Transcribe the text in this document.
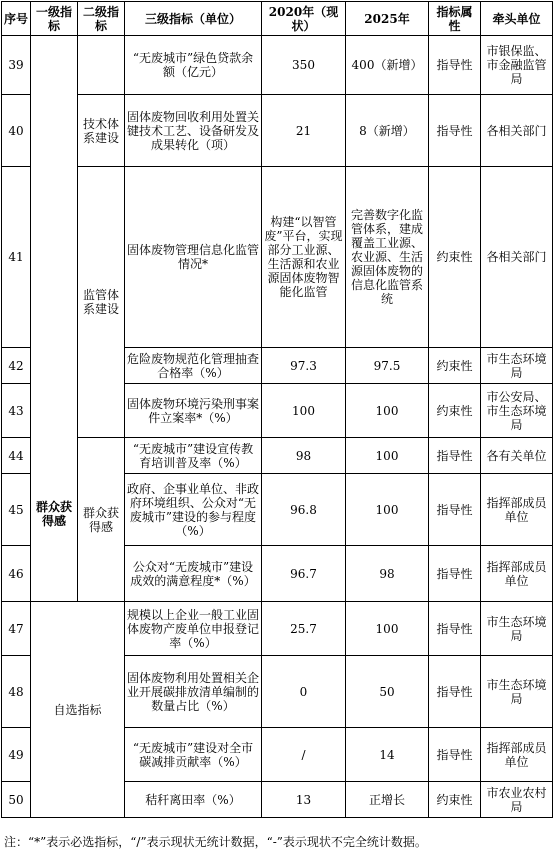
序号	一级指标	二级指标	三级指标（单位）	2020年（现状）	2025年	指标属性	牵头单位
39			“无废城市”绿色贷款余额（亿元）	350	400（新增）	指导性	市银保监、市金融监管局
40		技术体系建设	固体废物回收利用处置关键技术工艺、设备研发及成果转化（项）	21	8（新增）	指导性	各相关部门
41		监管体系建设	固体废物管理信息化监管情况*	构建“以智管废”平台，实现部分工业源、生活源和农业源固体废物智能化监管	完善数字化监管体系，建成覆盖工业源、农业源、生活源固体废物的信息化监管系统	约束性	各相关部门
42			危险废物规范化管理抽查合格率（%）	97.3	97.5	约束性	市生态环境局
43			固体废物环境污染刑事案件立案率*（%）	100	100	约束性	市公安局、市生态环境局
44		群众获得感	“无废城市”建设宣传教育培训普及率（%）	98	100	指导性	各有关单位
45			政府、企事业单位、非政府环境组织、公众对“无废城市”建设的参与程度（%）	96.8	100	指导性	指挥部成员单位
46			公众对“无废城市”建设成效的满意程度*（%）	96.7	98	指导性	指挥部成员单位
47	自选指标		规模以上企业一般工业固体废物产废单位申报登记率（%）	25.7	100	指导性	市生态环境局
48			固体废物利用处置相关企业开展碳排放清单编制的数量占比（%）	0	50	指导性	市生态环境局
49			“无废城市”建设对全市碳减排贡献率（%）	/	14	指导性	指挥部成员单位
50			秸秆离田率（%）	13	正增长	约束性	市农业农村局
群众获得感
注：“*”表示必选指标，“/”表示现状无统计数据，“-”表示现状不完全统计数据。
